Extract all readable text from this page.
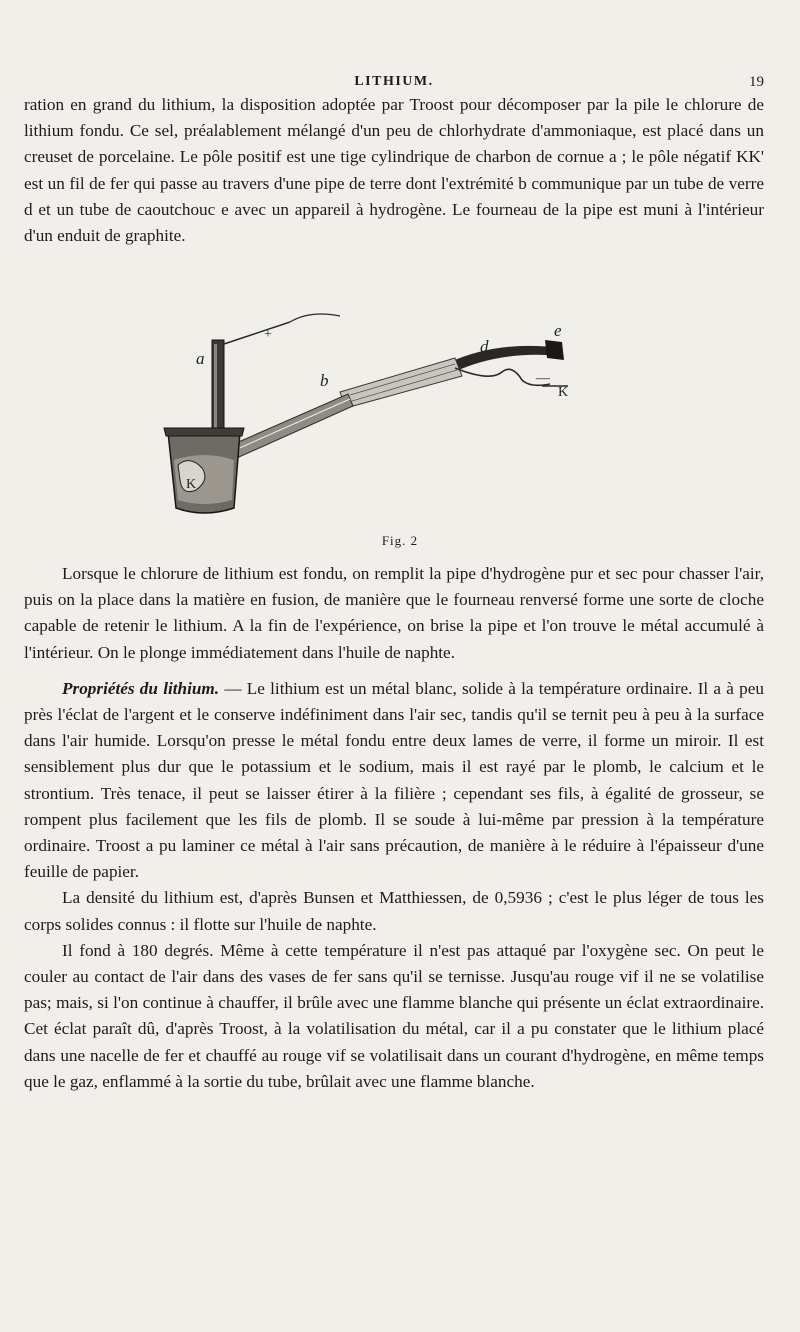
LITHIUM.	19

ration en grand du lithium, la disposition adoptée par Troost pour décomposer par la pile le chlorure de lithium fondu. Ce sel, préalablement mélangé d'un peu de chlorhydrate d'ammoniaque, est placé dans un creuset de porcelaine. Le pôle positif est une tige cylindrique de charbon de cornue a ; le pôle négatif KK' est un fil de fer qui passe au travers d'une pipe de terre dont l'extrémité b communique par un tube de verre d et un tube de caoutchouc e avec un appareil à hydrogène. Le fourneau de la pipe est muni à l'intérieur d'un enduit de graphite.

a
+
b
d
e
—
K
K
Fig. 2

Lorsque le chlorure de lithium est fondu, on remplit la pipe d'hydrogène pur et sec pour chasser l'air, puis on la place dans la matière en fusion, de manière que le fourneau renversé forme une sorte de cloche capable de retenir le lithium. A la fin de l'expérience, on brise la pipe et l'on trouve le métal accumulé à l'intérieur. On le plonge immédiatement dans l'huile de naphte.

Propriétés du lithium. — Le lithium est un métal blanc, solide à la température ordinaire. Il a à peu près l'éclat de l'argent et le conserve indéfiniment dans l'air sec, tandis qu'il se ternit peu à peu à la surface dans l'air humide. Lorsqu'on presse le métal fondu entre deux lames de verre, il forme un miroir. Il est sensiblement plus dur que le potassium et le sodium, mais il est rayé par le plomb, le calcium et le strontium. Très tenace, il peut se laisser étirer à la filière ; cependant ses fils, à égalité de grosseur, se rompent plus facilement que les fils de plomb. Il se soude à lui-même par pression à la température ordinaire. Troost a pu laminer ce métal à l'air sans précaution, de manière à le réduire à l'épaisseur d'une feuille de papier.

La densité du lithium est, d'après Bunsen et Matthiessen, de 0,5936 ; c'est le plus léger de tous les corps solides connus : il flotte sur l'huile de naphte.

Il fond à 180 degrés. Même à cette température il n'est pas attaqué par l'oxygène sec. On peut le couler au contact de l'air dans des vases de fer sans qu'il se ternisse. Jusqu'au rouge vif il ne se volatilise pas; mais, si l'on continue à chauffer, il brûle avec une flamme blanche qui présente un éclat extraordinaire. Cet éclat paraît dû, d'après Troost, à la volatilisation du métal, car il a pu constater que le lithium placé dans une nacelle de fer et chauffé au rouge vif se volatilisait dans un courant d'hydrogène, en même temps que le gaz, enflammé à la sortie du tube, brûlait avec une flamme blanche.
